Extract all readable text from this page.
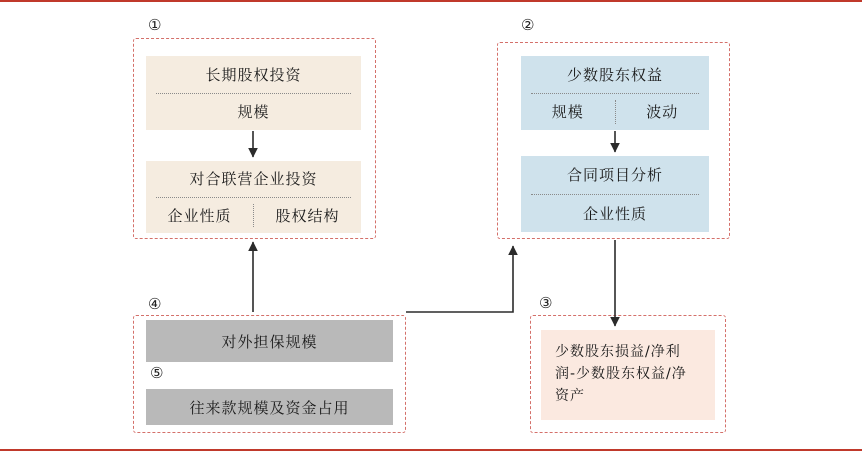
①
长期股权投资
规模
对合联营企业投资
企业性质	股权结构
②
少数股东权益
规模	波动
合同项目分析
企业性质
③
少数股东损益/净利润-少数股东权益/净资产
④
对外担保规模
⑤
往来款规模及资金占用
